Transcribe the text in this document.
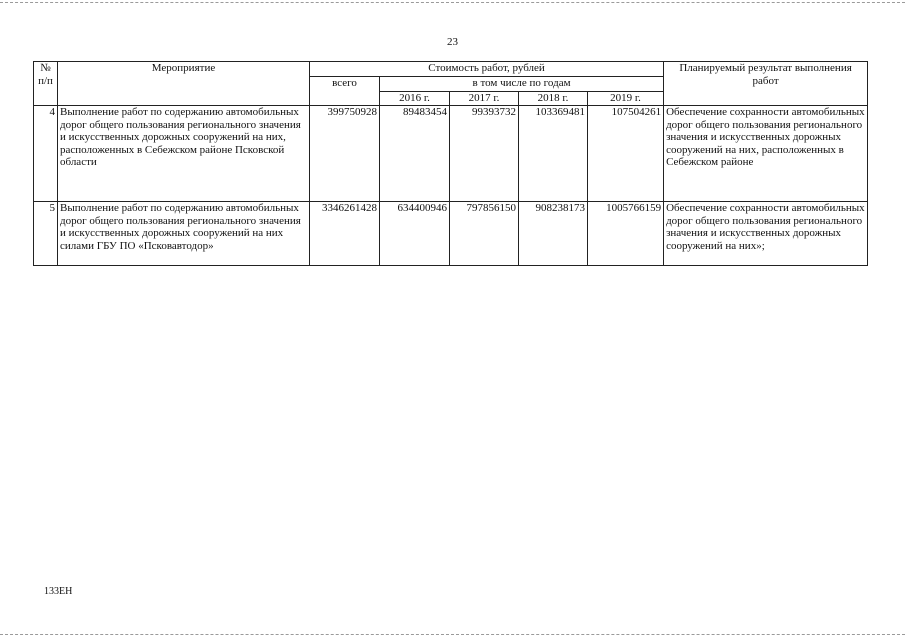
23
№ п/п	Мероприятие	Стоимость работ, рублей					Планируемый результат выполнения работ
		всего	в том числе по годам				
			2016 г.	2017 г.	2018 г.	2019 г.	
4	Выполнение работ по содержанию автомобильных дорог общего пользования регионального значения и искусственных дорожных сооружений на них, расположенных в Себежском районе Псковской области	399750928	89483454	99393732	103369481	107504261	Обеспечение сохранности автомобильных дорог общего пользования регионального значения и искусственных дорожных сооружений на них, расположенных в Себежском районе
5	Выполнение работ по содержанию автомобильных дорог общего пользования регионального значения и искусственных дорожных сооружений на них силами ГБУ ПО «Псковавтодор»	3346261428	634400946	797856150	908238173	1005766159	Обеспечение сохранности автомобильных дорог общего пользования регионального значения и искусственных дорожных сооружений на них»;
133ЕН
